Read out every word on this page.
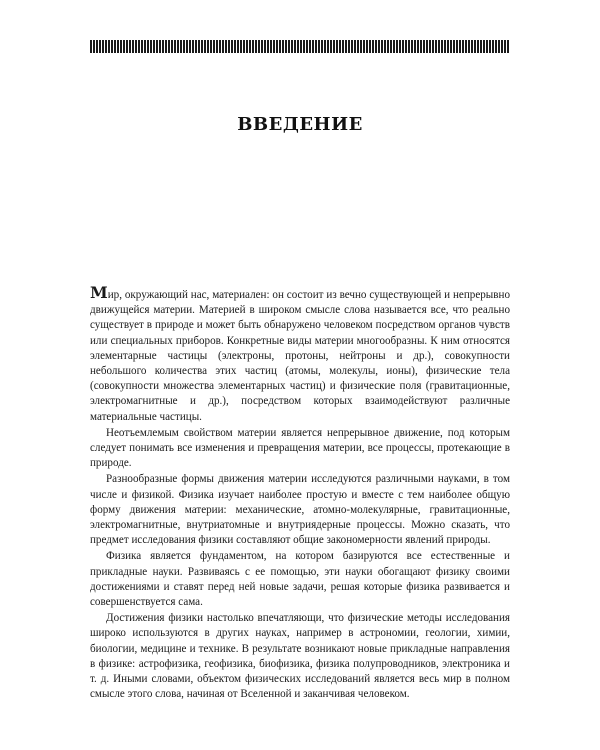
ВВЕДЕНИЕ

Мир, окружающий нас, материален: он состоит из вечно существующей и непрерывно движущейся материи. Материей в широком смысле слова называется все, что реально существует в природе и может быть обнаружено человеком посредством органов чувств или специальных приборов. Конкретные виды материи многообразны. К ним относятся элементарные частицы (электроны, протоны, нейтроны и др.), совокупности небольшого количества этих частиц (атомы, молекулы, ионы), физические тела (совокупности множества элементарных частиц) и физические поля (гравитационные, электромагнитные и др.), посредством которых взаимодействуют различные материальные частицы.

Неотъемлемым свойством материи является непрерывное движение, под которым следует понимать все изменения и превращения материи, все процессы, протекающие в природе.

Разнообразные формы движения материи исследуются различными науками, в том числе и физикой. Физика изучает наиболее простую и вместе с тем наиболее общую форму движения материи: механические, атомно-молекулярные, гравитационные, электромагнитные, внутриатомные и внутриядерные процессы. Можно сказать, что предмет исследования физики составляют общие закономерности явлений природы.

Физика является фундаментом, на котором базируются все естественные и прикладные науки. Развиваясь с ее помощью, эти науки обогащают физику своими достижениями и ставят перед ней новые задачи, решая которые физика развивается и совершенствуется сама.

Достижения физики настолько впечатляющи, что физические методы исследования широко используются в других науках, например в астрономии, геологии, химии, биологии, медицине и технике. В результате возникают новые прикладные направления в физике: астрофизика, геофизика, биофизика, физика полупроводников, электроника и т. д. Иными словами, объектом физических исследований является весь мир в полном смысле этого слова, начиная от Вселенной и заканчивая человеком.
